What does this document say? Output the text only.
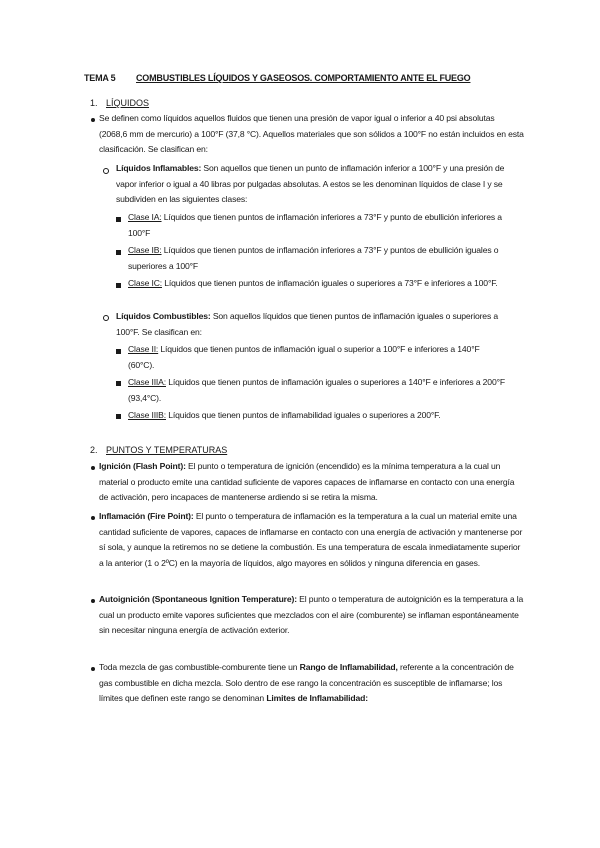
TEMA 5 COMBUSTIBLES LÍQUIDOS Y GASEOSOS. COMPORTAMIENTO ANTE EL FUEGO
1. LÍQUIDOS

Se definen como líquidos aquellos fluidos que tienen una presión de vapor igual o inferior a 40 psi absolutas (2068,6 mm de mercurio) a 100°F (37,8 °C). Aquellos materiales que son sólidos a 100°F no están incluidos en esta clasificación. Se clasifican en:

Líquidos Inflamables: Son aquellos que tienen un punto de inflamación inferior a 100°F y una presión de vapor inferior o igual a 40 libras por pulgadas absolutas. A estos se les denominan líquidos de clase I y se subdividen en las siguientes clases:

Clase IA: Líquidos que tienen puntos de inflamación inferiores a 73°F y punto de ebullición inferiores a 100°F

Clase IB: Líquidos que tienen puntos de inflamación inferiores a 73°F y puntos de ebullición iguales o superiores a 100°F

Clase IC: Líquidos que tienen puntos de inflamación iguales o superiores a 73°F e inferiores a 100°F.

Líquidos Combustibles: Son aquellos líquidos que tienen puntos de inflamación iguales o superiores a 100°F. Se clasifican en:

Clase II: Líquidos que tienen puntos de inflamación igual o superior a 100°F e inferiores a 140°F (60°C).

Clase IIIA: Líquidos que tienen puntos de inflamación iguales o superiores a 140°F e inferiores a 200°F (93,4°C).

Clase IIIB: Líquidos que tienen puntos de inflamabilidad iguales o superiores a 200°F.

2. PUNTOS Y TEMPERATURAS

Ignición (Flash Point): El punto o temperatura de ignición (encendido) es la mínima temperatura a la cual un material o producto emite una cantidad suficiente de vapores capaces de inflamarse en contacto con una energía de activación, pero incapaces de mantenerse ardiendo si se retira la misma.

Inflamación (Fire Point): El punto o temperatura de inflamación es la temperatura a la cual un material emite una cantidad suficiente de vapores, capaces de inflamarse en contacto con una energía de activación y mantenerse por sí sola, y aunque la retiremos no se detiene la combustión. Es una temperatura de escala inmediatamente superior a la anterior (1 o 2ºC) en la mayoría de líquidos, algo mayores en sólidos y ninguna diferencia en gases.

Autoignición (Spontaneous Ignition Temperature): El punto o temperatura de autoignición es la temperatura a la cual un producto emite vapores suficientes que mezclados con el aire (comburente) se inflaman espontáneamente sin necesitar ninguna energía de activación exterior.

Toda mezcla de gas combustible-comburente tiene un Rango de Inflamabilidad, referente a la concentración de gas combustible en dicha mezcla. Solo dentro de ese rango la concentración es susceptible de inflamarse; los límites que definen este rango se denominan Limites de Inflamabilidad:
